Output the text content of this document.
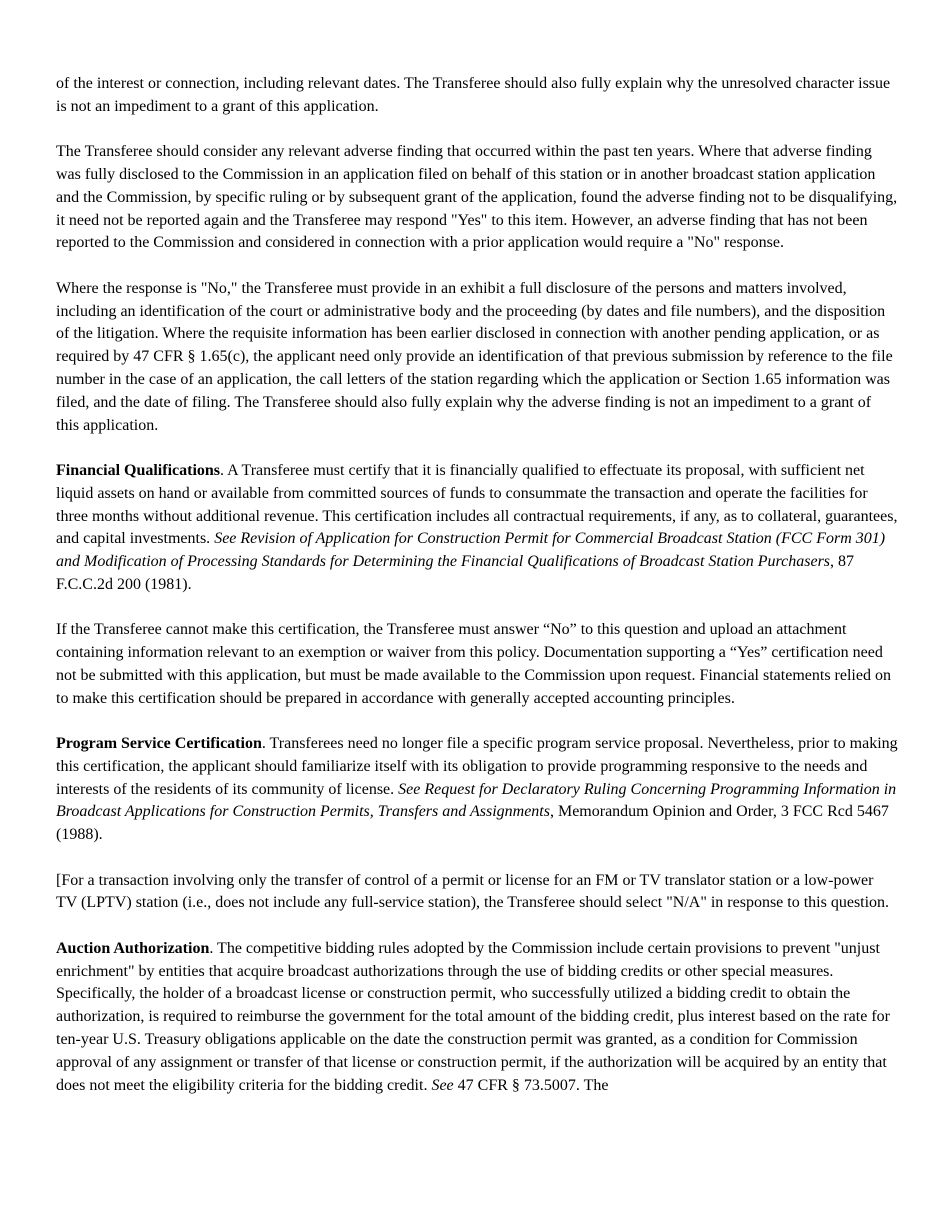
of the interest or connection, including relevant dates. The Transferee should also fully explain why the unresolved character issue is not an impediment to a grant of this application.

The Transferee should consider any relevant adverse finding that occurred within the past ten years. Where that adverse finding was fully disclosed to the Commission in an application filed on behalf of this station or in another broadcast station application and the Commission, by specific ruling or by subsequent grant of the application, found the adverse finding not to be disqualifying, it need not be reported again and the Transferee may respond "Yes" to this item. However, an adverse finding that has not been reported to the Commission and considered in connection with a prior application would require a "No" response.

Where the response is "No," the Transferee must provide in an exhibit a full disclosure of the persons and matters involved, including an identification of the court or administrative body and the proceeding (by dates and file numbers), and the disposition of the litigation. Where the requisite information has been earlier disclosed in connection with another pending application, or as required by 47 CFR § 1.65(c), the applicant need only provide an identification of that previous submission by reference to the file number in the case of an application, the call letters of the station regarding which the application or Section 1.65 information was filed, and the date of filing. The Transferee should also fully explain why the adverse finding is not an impediment to a grant of this application.

Financial Qualifications. A Transferee must certify that it is financially qualified to effectuate its proposal, with sufficient net liquid assets on hand or available from committed sources of funds to consummate the transaction and operate the facilities for three months without additional revenue. This certification includes all contractual requirements, if any, as to collateral, guarantees, and capital investments. See Revision of Application for Construction Permit for Commercial Broadcast Station (FCC Form 301) and Modification of Processing Standards for Determining the Financial Qualifications of Broadcast Station Purchasers, 87 F.C.C.2d 200 (1981).

If the Transferee cannot make this certification, the Transferee must answer “No” to this question and upload an attachment containing information relevant to an exemption or waiver from this policy. Documentation supporting a “Yes” certification need not be submitted with this application, but must be made available to the Commission upon request. Financial statements relied on to make this certification should be prepared in accordance with generally accepted accounting principles.

Program Service Certification. Transferees need no longer file a specific program service proposal. Nevertheless, prior to making this certification, the applicant should familiarize itself with its obligation to provide programming responsive to the needs and interests of the residents of its community of license. See Request for Declaratory Ruling Concerning Programming Information in Broadcast Applications for Construction Permits, Transfers and Assignments, Memorandum Opinion and Order, 3 FCC Rcd 5467 (1988).

[For a transaction involving only the transfer of control of a permit or license for an FM or TV translator station or a low-power TV (LPTV) station (i.e., does not include any full-service station), the Transferee should select "N/A" in response to this question.

Auction Authorization. The competitive bidding rules adopted by the Commission include certain provisions to prevent "unjust enrichment" by entities that acquire broadcast authorizations through the use of bidding credits or other special measures. Specifically, the holder of a broadcast license or construction permit, who successfully utilized a bidding credit to obtain the authorization, is required to reimburse the government for the total amount of the bidding credit, plus interest based on the rate for ten-year U.S. Treasury obligations applicable on the date the construction permit was granted, as a condition for Commission approval of any assignment or transfer of that license or construction permit, if the authorization will be acquired by an entity that does not meet the eligibility criteria for the bidding credit. See 47 CFR § 73.5007. The
